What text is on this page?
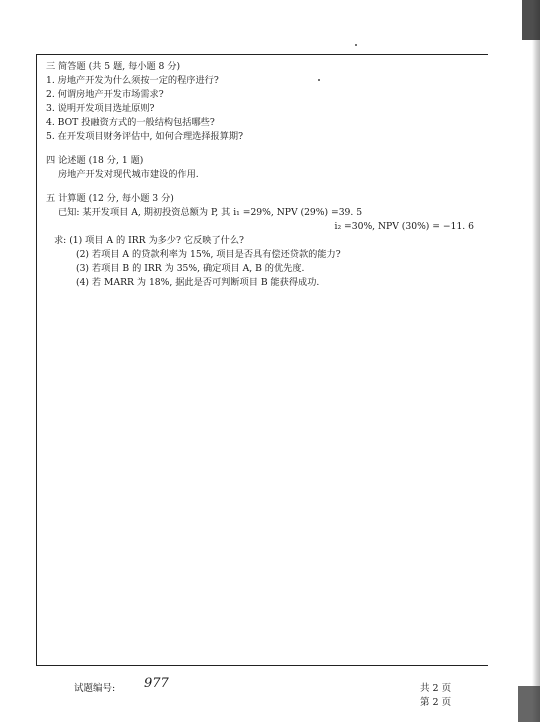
三 简答题 (共 5 题, 每小题 8 分)
1. 房地产开发为什么须按一定的程序进行?
2. 何谓房地产开发市场需求?
3. 说明开发项目选址原则?
4. BOT 投融资方式的一般结构包括哪些?
5. 在开发项目财务评估中, 如何合理选择报算期?
四 论述题 (18 分, 1 题)
房地产开发对现代城市建设的作用.
五 计算题 (12 分, 每小题 3 分)
已知: 某开发项目 A, 期初投资总额为 P, 其 i₁ =29%, NPV (29%) =39. 5
i₂ =30%, NPV (30%) = −11. 6
求: (1) 项目 A 的 IRR 为多少? 它反映了什么?
(2) 若项目 A 的贷款利率为 15%, 项目是否具有偿还贷款的能力?
(3) 若项目 B 的 IRR 为 35%, 确定项目 A, B 的优先度.
(4) 若 MARR 为 18%, 据此是否可判断项目 B 能获得成功.
试题编号: 977	共 2 页
第 2 页
